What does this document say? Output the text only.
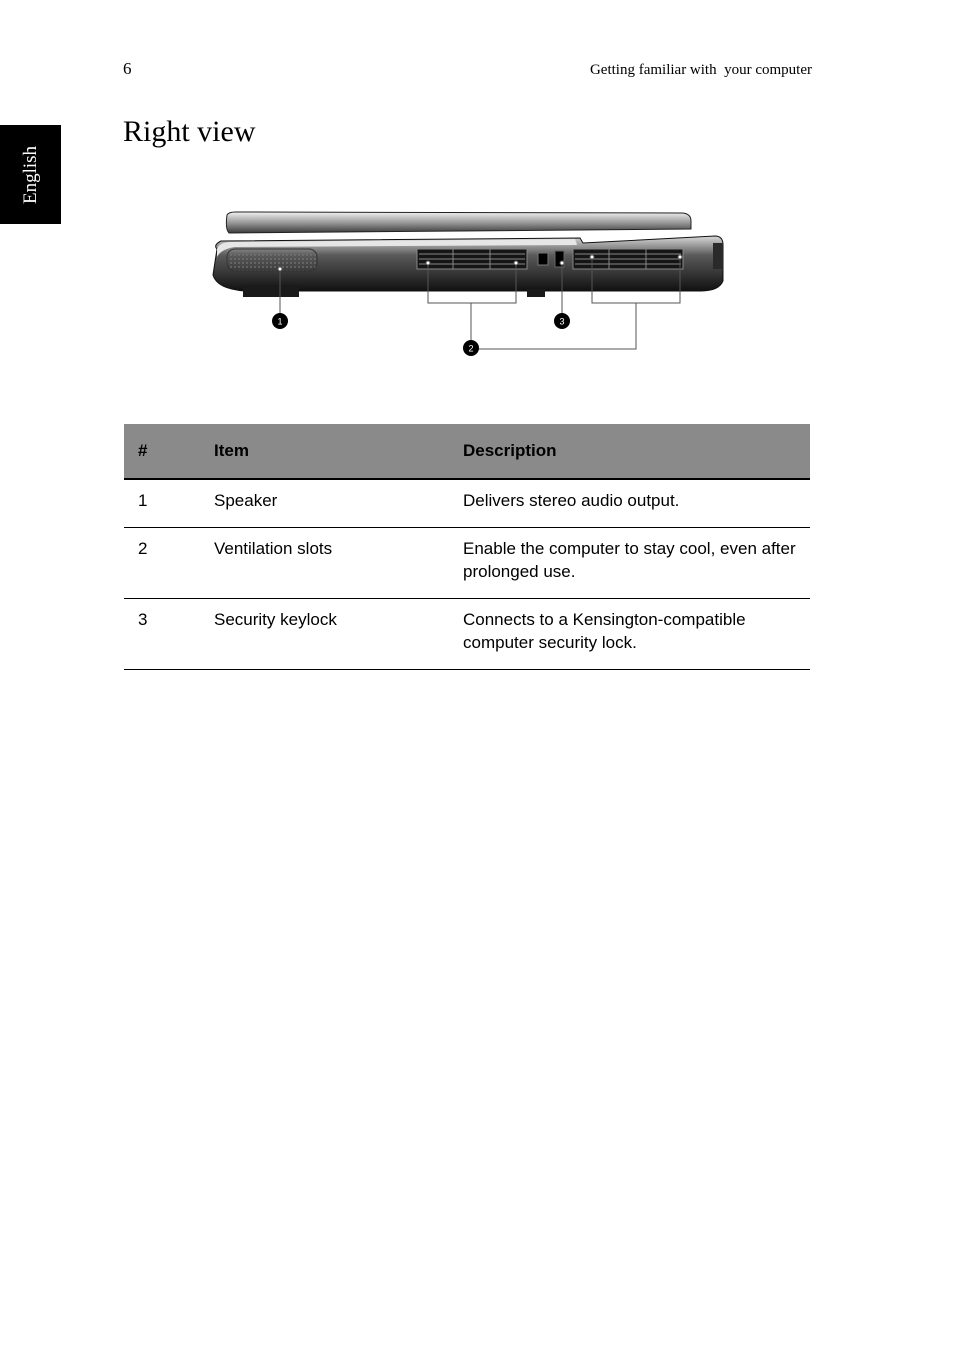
6	Getting familiar with  your computer
English
Right view
1
2
3
#	Item	Description
1	Speaker	Delivers stereo audio output.
2	Ventilation slots	Enable the computer to stay cool, even after prolonged use.
3	Security keylock	Connects to a Kensington-compatible computer security lock.
